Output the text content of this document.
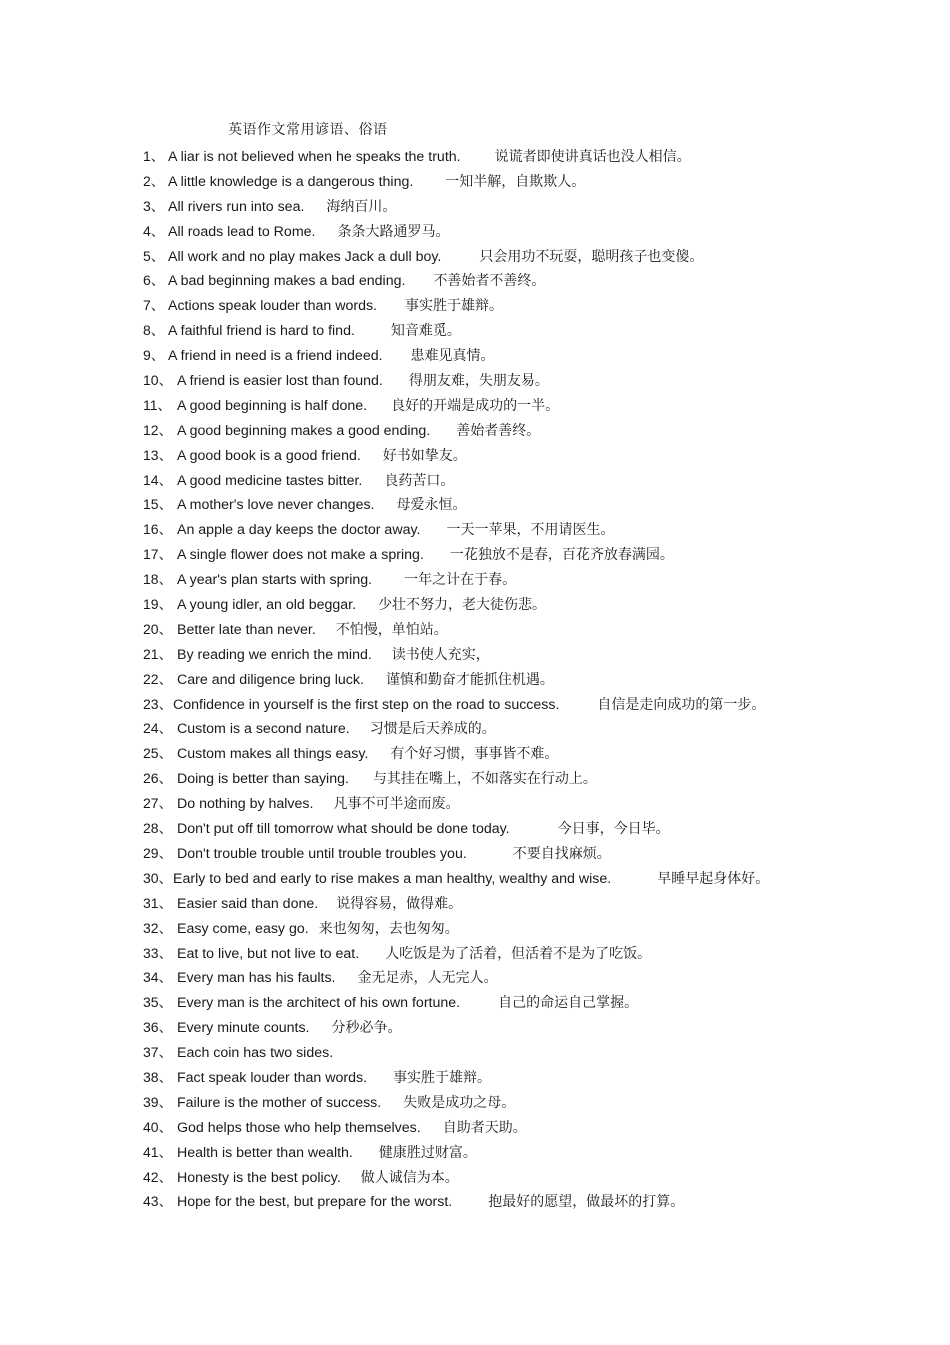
英语作文常用谚语、俗语
1、 A liar is not believed when he speaks the truth. 说谎者即使讲真话也没人相信。
2、 A little knowledge is a dangerous thing. 一知半解，自欺欺人。
3、 All rivers run into sea. 海纳百川。
4、 All roads lead to Rome. 条条大路通罗马。
5、 All work and no play makes Jack a dull boy.	只会用功不玩耍，聪明孩子也变傻。
6、 A bad beginning makes a bad ending. 不善始者不善终。
7、 Actions speak louder than words. 事实胜于雄辩。
8、 A faithful friend is hard to find.	知音难觅。
9、 A friend in need is a friend indeed. 患难见真情。
10、 A friend is easier lost than found. 得朋友难，失朋友易。
11、 A good beginning is half done. 良好的开端是成功的一半。
12、 A good beginning makes a good ending. 善始者善终。
13、 A good book is a good friend. 好书如挚友。
14、 A good medicine tastes bitter. 良药苦口。
15、 A mother's love never changes. 母爱永恒。
16、 An apple a day keeps the doctor away. 一天一苹果，不用请医生。
17、 A single flower does not make a spring. 一花独放不是春，百花齐放春满园。
18、 A year's plan starts with spring. 一年之计在于春。
19、 A young idler, an old beggar. 少壮不努力，老大徒伤悲。
20、 Better late than never. 不怕慢，单怕站。
21、 By reading we enrich the mind. 读书使人充实，
22、 Care and diligence bring luck. 谨慎和勤奋才能抓住机遇。
23、Confidence in yourself is the first step on the road to success.	自信是走向成功的第一步。
24、 Custom is a second nature. 习惯是后天养成的。
25、 Custom makes all things easy. 有个好习惯，事事皆不难。
26、 Doing is better than saying. 与其挂在嘴上，不如落实在行动上。
27、 Do nothing by halves. 凡事不可半途而废。
28、 Don't put off till tomorrow what should be done today.	今日事，今日毕。
29、 Don't trouble trouble until trouble troubles you.	不要自找麻烦。
30、Early to bed and early to rise makes a man healthy, wealthy and wise.	早睡早起身体好。
31、 Easier said than done. 说得容易，做得难。
32、 Easy come, easy go. 来也匆匆，去也匆匆。
33、 Eat to live, but not live to eat. 人吃饭是为了活着，但活着不是为了吃饭。
34、 Every man has his faults. 金无足赤，人无完人。
35、 Every man is the architect of his own fortune.	自己的命运自己掌握。
36、 Every minute counts. 分秒必争。
37、 Each coin has two sides.
38、 Fact speak louder than words. 事实胜于雄辩。
39、 Failure is the mother of success. 失败是成功之母。
40、 God helps those who help themselves. 自助者天助。
41、 Health is better than wealth. 健康胜过财富。
42、 Honesty is the best policy. 做人诚信为本。
43、 Hope for the best, but prepare for the worst.	抱最好的愿望，做最坏的打算。
